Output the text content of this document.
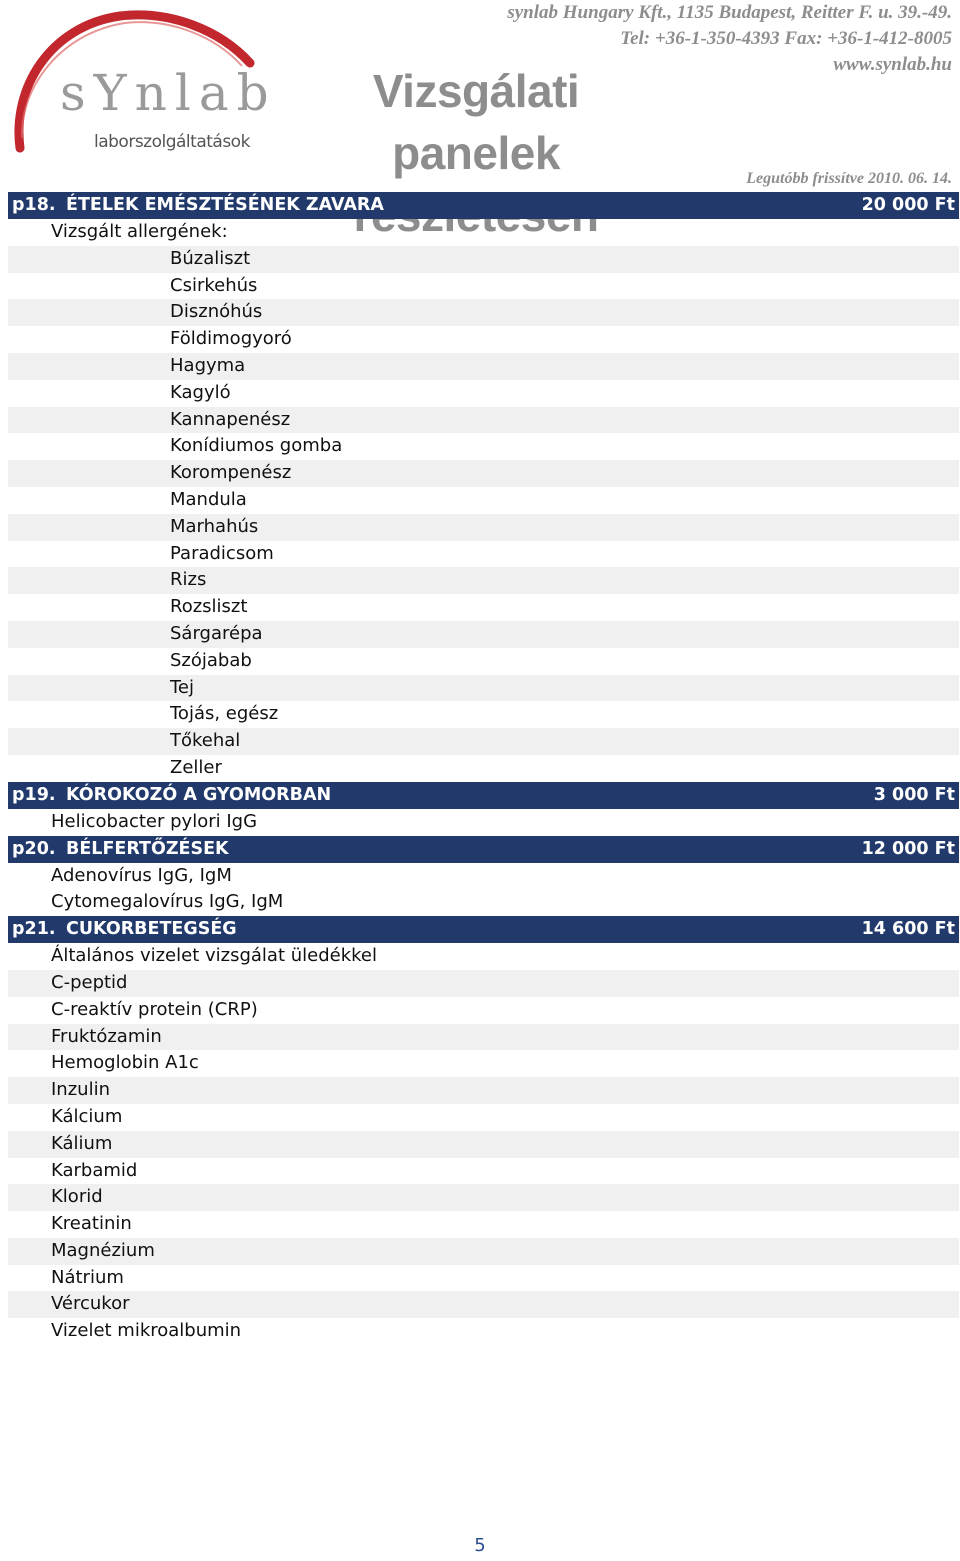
sYnlab
laborszolgáltatások
Vizsgálati panelek
synlab Hungary Kft., 1135 Budapest, Reitter F. u. 39.-49.
Tel: +36-1-350-4393 Fax: +36-1-412-8005
www.synlab.hu
Legutóbb frissítve 2010. 06. 14.
p18. ÉTELEK EMÉSZTÉSÉNEK ZAVARA	20 000 Ft
Vizsgált allergének:
Búzaliszt
Csirkehús
Disznóhús
Földimogyoró
Hagyma
Kagyló
Kannapenész
Konídiumos gomba
Korompenész
Mandula
Marhahús
Paradicsom
Rizs
Rozsliszt
Sárgarépa
Szójabab
Tej
Tojás, egész
Tőkehal
Zeller
p19. KÓROKOZÓ A GYOMORBAN	3 000 Ft
Helicobacter pylori IgG
p20. BÉLFERTŐZÉSEK	12 000 Ft
Adenovírus IgG, IgM
Cytomegalovírus IgG, IgM
p21. CUKORBETEGSÉG	14 600 Ft
Általános vizelet vizsgálat üledékkel
C-peptid
C-reaktív protein (CRP)
Fruktózamin
Hemoglobin A1c
Inzulin
Kálcium
Kálium
Karbamid
Klorid
Kreatinin
Magnézium
Nátrium
Vércukor
Vizelet mikroalbumin
5
